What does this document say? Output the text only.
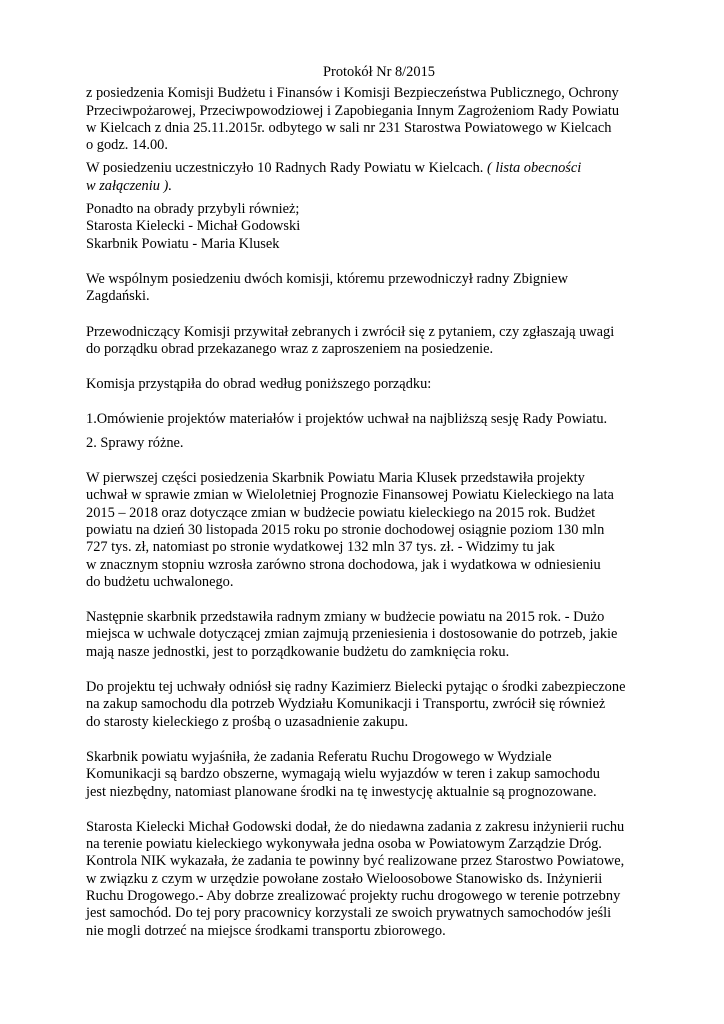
Protokół Nr 8/2015

z posiedzenia Komisji Budżetu i Finansów i Komisji Bezpieczeństwa Publicznego, Ochrony
Przeciwpożarowej, Przeciwpowodziowej i Zapobiegania Innym Zagrożeniom Rady Powiatu
w Kielcach z dnia 25.11.2015r. odbytego w sali nr 231 Starostwa Powiatowego w Kielcach
o godz. 14.00.

W posiedzeniu uczestniczyło 10 Radnych Rady Powiatu w Kielcach. ( lista obecności
w załączeniu ).

Ponadto na obrady przybyli również;
Starosta Kielecki - Michał Godowski
Skarbnik Powiatu - Maria Klusek

We wspólnym posiedzeniu dwóch komisji, któremu przewodniczył radny Zbigniew
Zagdański.

Przewodniczący Komisji przywitał zebranych i zwrócił się z pytaniem, czy zgłaszają uwagi
do porządku obrad przekazanego wraz z zaproszeniem na posiedzenie.

Komisja przystąpiła do obrad według poniższego porządku:

1.Omówienie projektów materiałów i projektów uchwał na najbliższą sesję Rady Powiatu.

2. Sprawy różne.

W pierwszej części posiedzenia Skarbnik Powiatu Maria Klusek przedstawiła projekty
uchwał w sprawie zmian w Wieloletniej Prognozie Finansowej Powiatu Kieleckiego na lata
2015 – 2018 oraz dotyczące zmian w budżecie powiatu kieleckiego na 2015 rok. Budżet
powiatu na dzień 30 listopada 2015 roku po stronie dochodowej osiągnie poziom 130 mln
727 tys. zł, natomiast po stronie wydatkowej 132 mln 37 tys. zł. - Widzimy tu jak
w znacznym stopniu wzrosła zarówno strona dochodowa, jak i wydatkowa w odniesieniu
do budżetu uchwalonego.

Następnie skarbnik przedstawiła radnym zmiany w budżecie powiatu na 2015 rok. - Dużo
miejsca w uchwale dotyczącej zmian zajmują przeniesienia i dostosowanie do potrzeb, jakie
mają nasze jednostki, jest to porządkowanie budżetu do zamknięcia roku.

Do projektu tej uchwały odniósł się radny Kazimierz Bielecki pytając o środki zabezpieczone
na zakup samochodu dla potrzeb Wydziału Komunikacji i Transportu, zwrócił się również
do starosty kieleckiego z prośbą o uzasadnienie zakupu.

Skarbnik powiatu wyjaśniła, że zadania Referatu Ruchu Drogowego w Wydziale
Komunikacji są bardzo obszerne, wymagają wielu wyjazdów w teren i zakup samochodu
jest niezbędny, natomiast planowane środki na tę inwestycję aktualnie są prognozowane.

Starosta Kielecki Michał Godowski dodał, że do niedawna zadania z zakresu inżynierii ruchu
na terenie powiatu kieleckiego wykonywała jedna osoba w Powiatowym Zarządzie Dróg.
Kontrola NIK wykazała, że zadania te powinny być realizowane przez Starostwo Powiatowe,
w związku z czym w urzędzie powołane zostało Wieloosobowe Stanowisko ds. Inżynierii
Ruchu Drogowego.- Aby dobrze zrealizować projekty ruchu drogowego w terenie potrzebny
jest samochód. Do tej pory pracownicy korzystali ze swoich prywatnych samochodów jeśli
nie mogli dotrzeć na miejsce środkami transportu zbiorowego.
